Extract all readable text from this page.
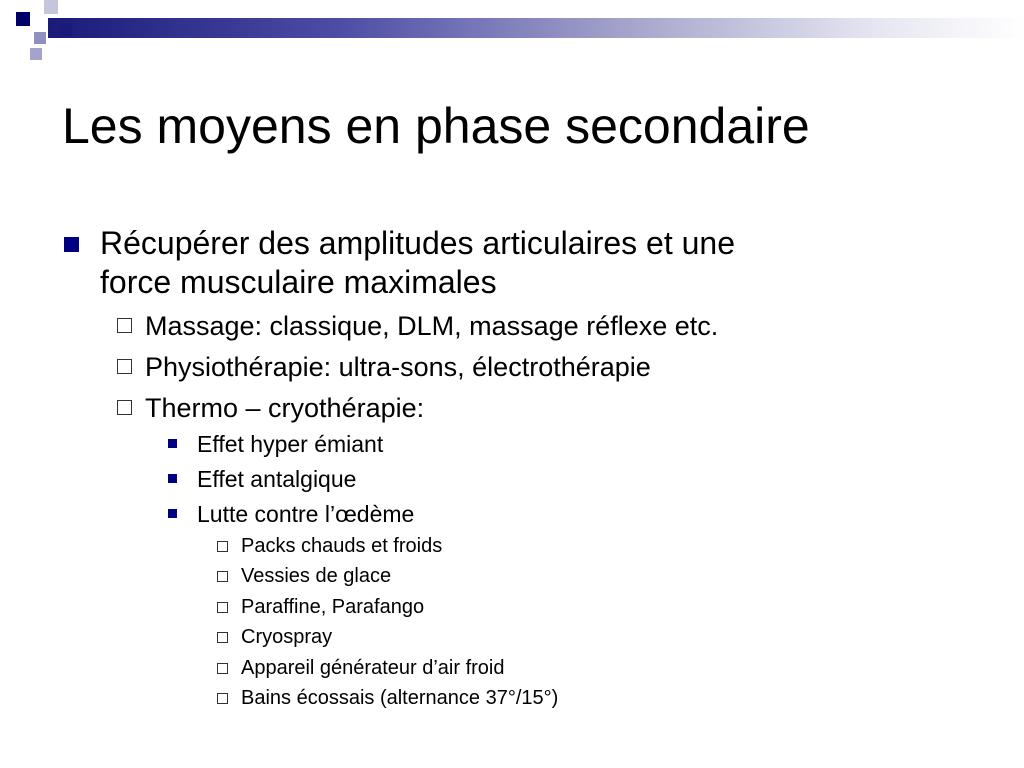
Les moyens en phase secondaire
Récupérer des amplitudes articulaires et une
force musculaire maximales
Massage: classique, DLM, massage réflexe etc.
Physiothérapie: ultra-sons, électrothérapie
Thermo – cryothérapie:
Effet hyper émiant
Effet antalgique
Lutte contre l’œdème
Packs chauds et froids
Vessies de glace
Paraffine, Parafango
Cryospray
Appareil générateur d’air froid
Bains écossais (alternance 37°/15°)
